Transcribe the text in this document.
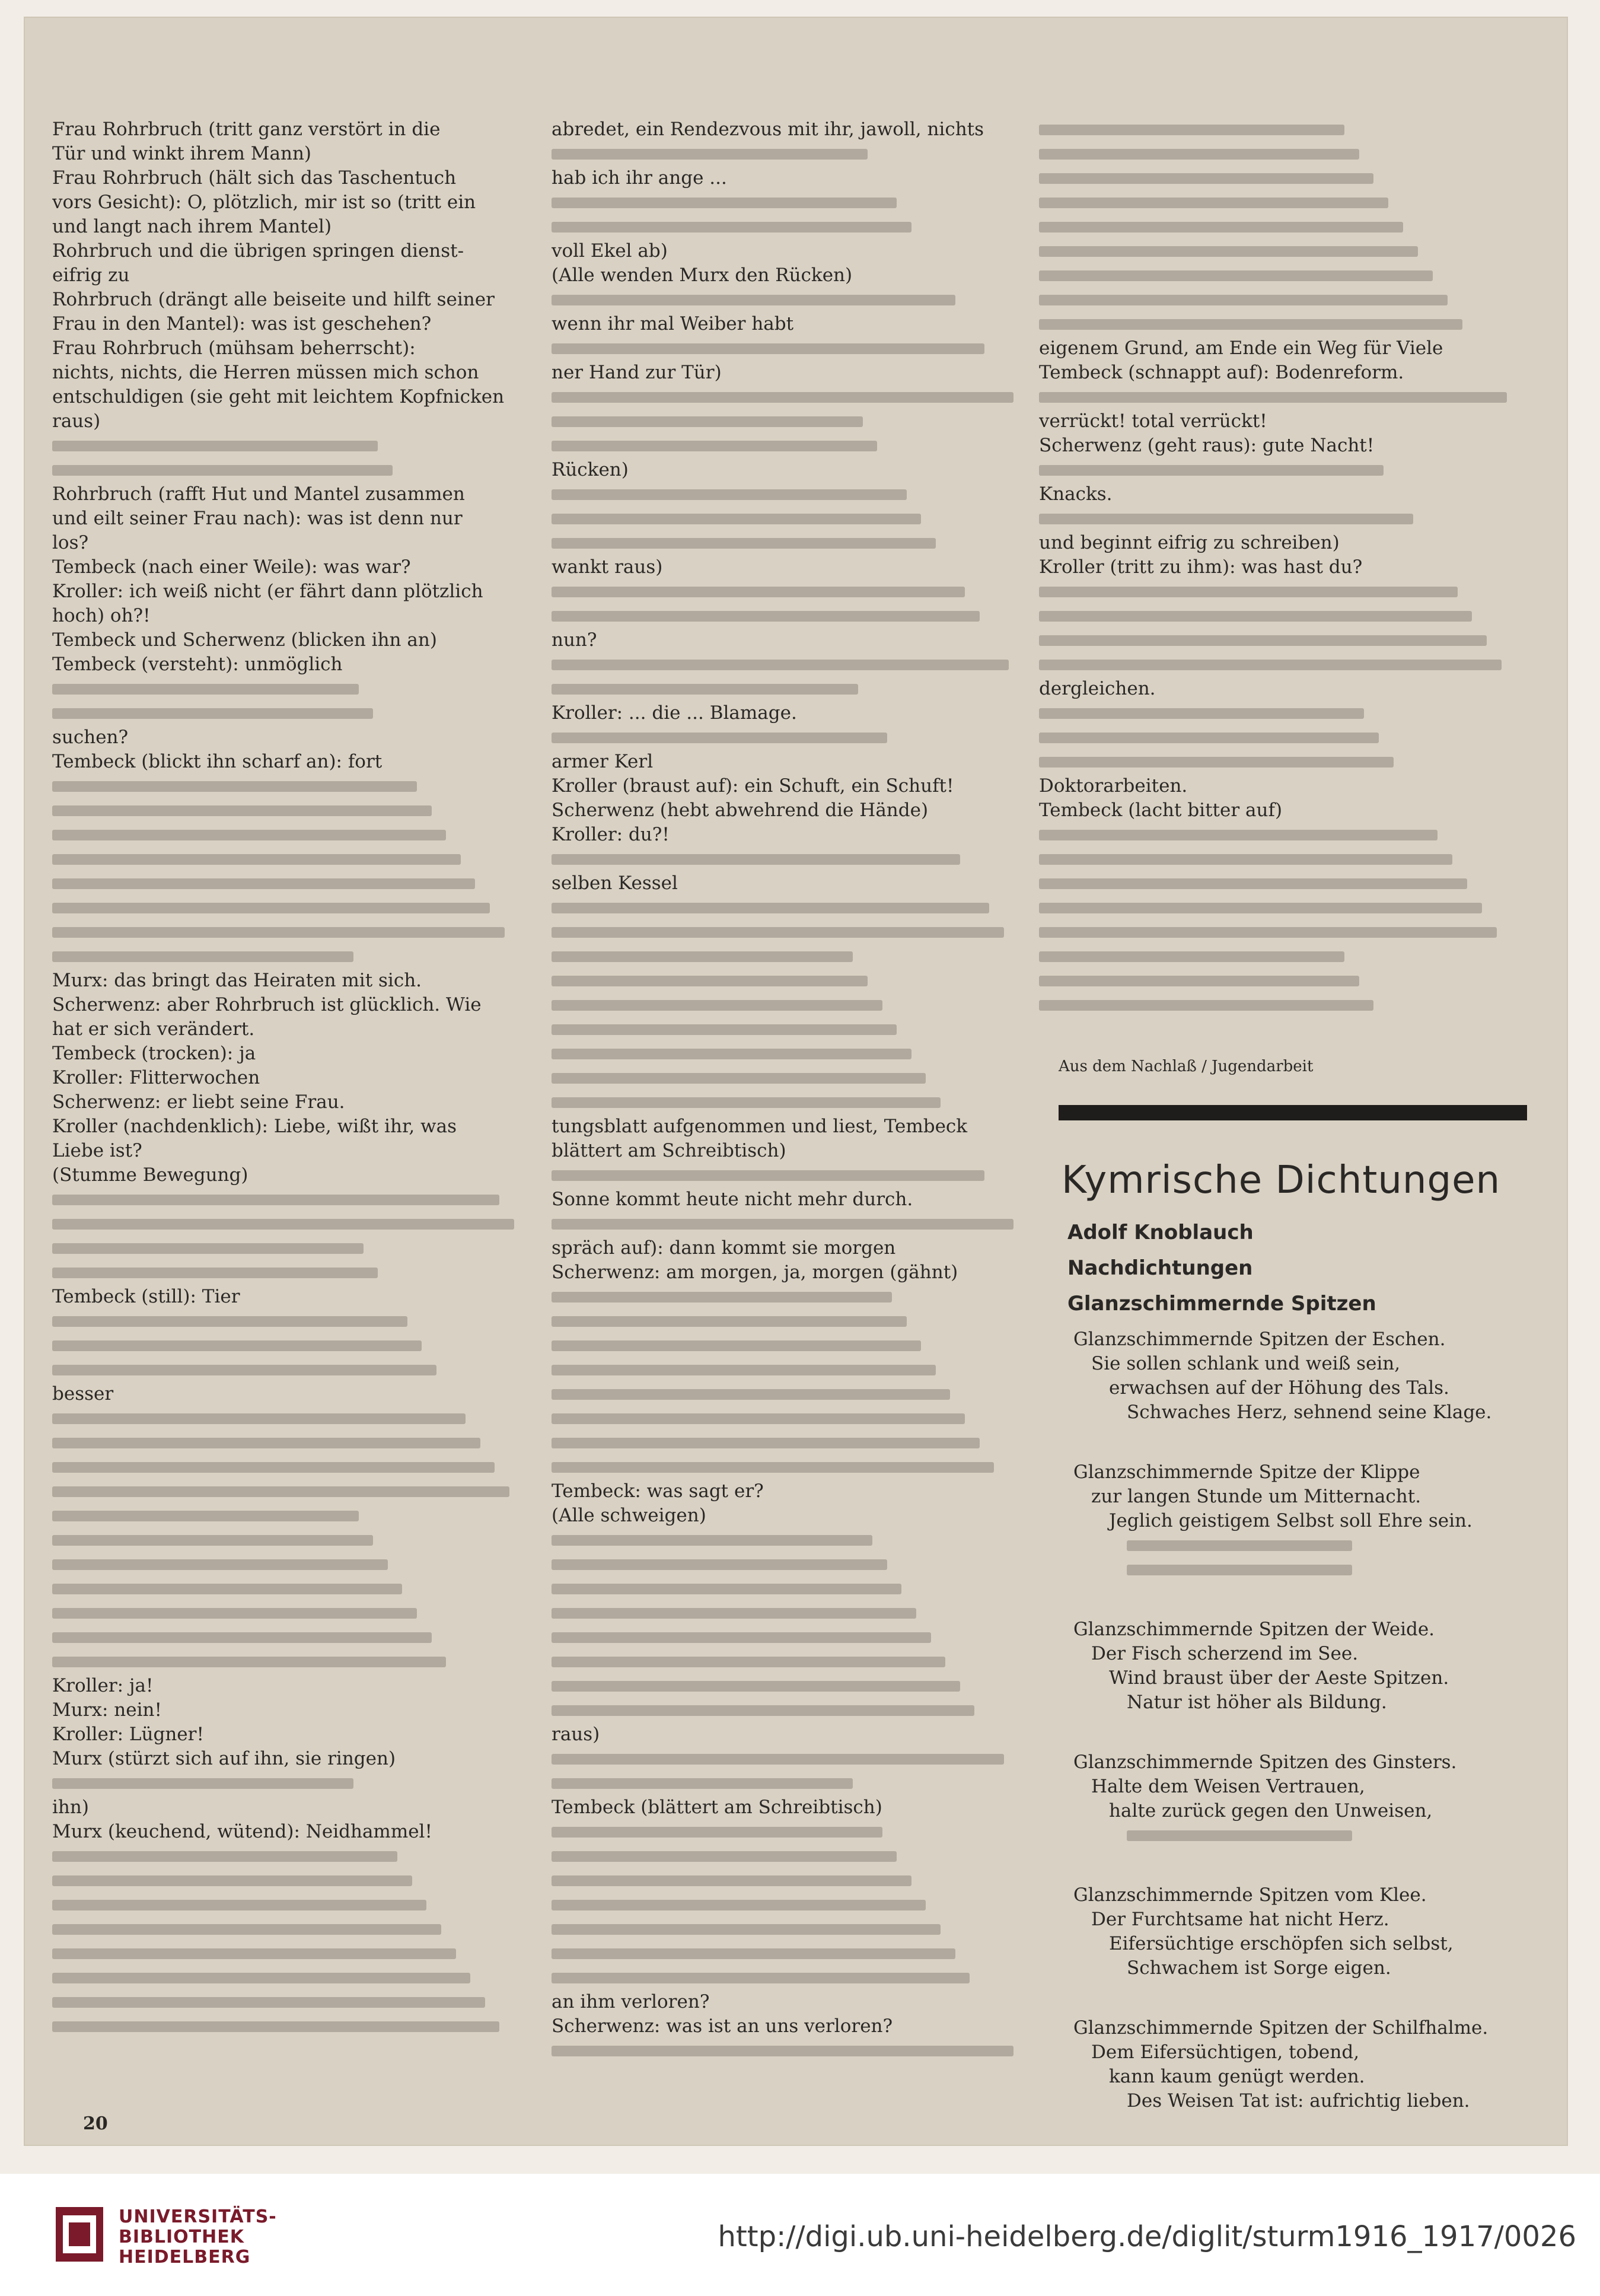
Frau Rohrbruch (tritt ganz verstört in die
Tür und winkt ihrem Mann)
Frau Rohrbruch (hält sich das Taschentuch
vors Gesicht): O, plötzlich, mir ist so (tritt ein
und langt nach ihrem Mantel)
Rohrbruch und die übrigen springen dienst-
eifrig zu
Rohrbruch (drängt alle beiseite und hilft seiner
Frau in den Mantel): was ist geschehen?
Frau Rohrbruch (mühsam beherrscht):
nichts, nichts, die Herren müssen mich schon
entschuldigen (sie geht mit leichtem Kopfnicken
raus)
Rohrbruch (rafft Hut und Mantel zusammen
und eilt seiner Frau nach): was ist denn nur
los?
Tembeck (nach einer Weile): was war?
Kroller: ich weiß nicht (er fährt dann plötzlich
hoch) oh?!
Tembeck und Scherwenz (blicken ihn an)
Tembeck (versteht): unmöglich
suchen?
Tembeck (blickt ihn scharf an): fort
Murx: das bringt das Heiraten mit sich.
Scherwenz: aber Rohrbruch ist glücklich. Wie
hat er sich verändert.
Tembeck (trocken): ja
Kroller: Flitterwochen
Scherwenz: er liebt seine Frau.
Kroller (nachdenklich): Liebe, wißt ihr, was
Liebe ist?
(Stumme Bewegung)
Tembeck (still): Tier
besser
Kroller: ja!
Murx: nein!
Kroller: Lügner!
Murx (stürzt sich auf ihn, sie ringen)
ihn)
Murx (keuchend, wütend): Neidhammel!
abredet, ein Rendezvous mit ihr, jawoll, nichts
hab ich ihr ange ...
voll Ekel ab)
(Alle wenden Murx den Rücken)
wenn ihr mal Weiber habt
ner Hand zur Tür)
Rücken)
wankt raus)
nun?
Kroller: ... die ... Blamage.
armer Kerl
Kroller (braust auf): ein Schuft, ein Schuft!
Scherwenz (hebt abwehrend die Hände)
Kroller: du?!
selben Kessel
tungsblatt aufgenommen und liest, Tembeck
blättert am Schreibtisch)
Sonne kommt heute nicht mehr durch.
spräch auf): dann kommt sie morgen
Scherwenz: am morgen, ja, morgen (gähnt)
Tembeck: was sagt er?
(Alle schweigen)
raus)
Tembeck (blättert am Schreibtisch)
an ihm verloren?
Scherwenz: was ist an uns verloren?
eigenem Grund, am Ende ein Weg für Viele
Tembeck (schnappt auf): Bodenreform.
verrückt! total verrückt!
Scherwenz (geht raus): gute Nacht!
Knacks.
und beginnt eifrig zu schreiben)
Kroller (tritt zu ihm): was hast du?
dergleichen.
Doktorarbeiten.
Tembeck (lacht bitter auf)
Aus dem Nachlaß / Jugendarbeit
Kymrische Dichtungen
Adolf Knoblauch
Nachdichtungen
Glanzschimmernde Spitzen
Glanzschimmernde Spitzen der Eschen.
Sie sollen schlank und weiß sein,
erwachsen auf der Höhung des Tals.
Schwaches Herz, sehnend seine Klage.
Glanzschimmernde Spitze der Klippe
zur langen Stunde um Mitternacht.
Jeglich geistigem Selbst soll Ehre sein.
Glanzschimmernde Spitzen der Weide.
Der Fisch scherzend im See.
Wind braust über der Aeste Spitzen.
Natur ist höher als Bildung.
Glanzschimmernde Spitzen des Ginsters.
Halte dem Weisen Vertrauen,
halte zurück gegen den Unweisen,
Glanzschimmernde Spitzen vom Klee.
Der Furchtsame hat nicht Herz.
Eifersüchtige erschöpfen sich selbst,
Schwachem ist Sorge eigen.
Glanzschimmernde Spitzen der Schilfhalme.
Dem Eifersüchtigen, tobend,
kann kaum genügt werden.
Des Weisen Tat ist: aufrichtig lieben.
20
UNIVERSITÄTS-
BIBLIOTHEK
HEIDELBERG
http://digi.ub.uni-heidelberg.de/diglit/sturm1916_1917/0026
